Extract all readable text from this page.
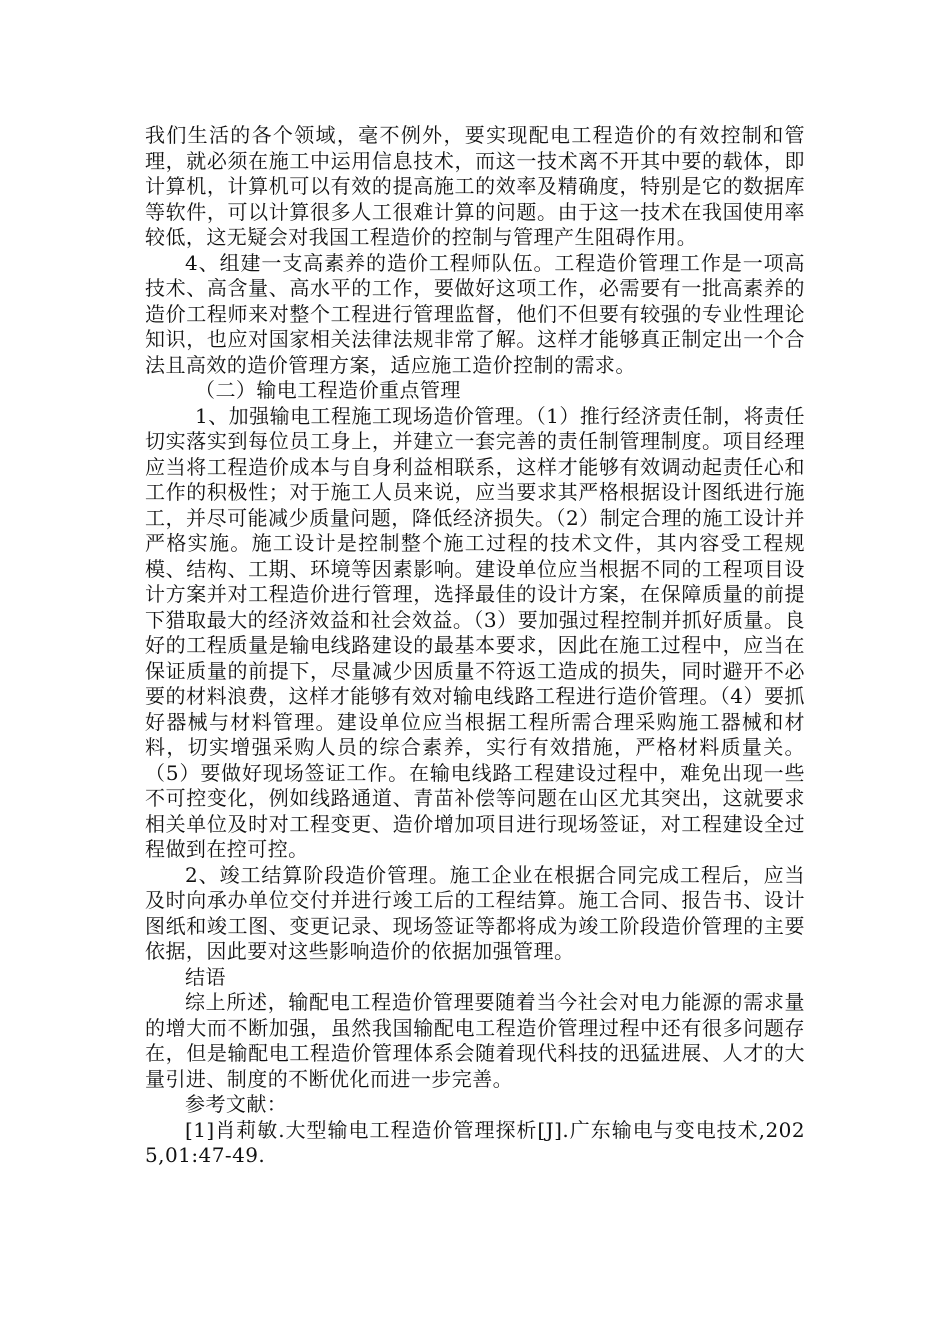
我们生活的各个领域，毫不例外，要实现配电工程造价的有效控制和管理，就必须在施工中运用信息技术，而这一技术离不开其中要的载体，即计算机，计算机可以有效的提高施工的效率及精确度，特别是它的数据库等软件，可以计算很多人工很难计算的问题。由于这一技术在我国使用率较低，这无疑会对我国工程造价的控制与管理产生阻碍作用。

4、组建一支高素养的造价工程师队伍。工程造价管理工作是一项高技术、高含量、高水平的工作，要做好这项工作，必需要有一批高素养的造价工程师来对整个工程进行管理监督，他们不但要有较强的专业性理论知识，也应对国家相关法律法规非常了解。这样才能够真正制定出一个合法且高效的造价管理方案，适应施工造价控制的需求。

（二）输电工程造价重点管理

1、加强输电工程施工现场造价管理。（1）推行经济责任制，将责任切实落实到每位员工身上，并建立一套完善的责任制管理制度。项目经理应当将工程造价成本与自身利益相联系，这样才能够有效调动起责任心和工作的积极性；对于施工人员来说，应当要求其严格根据设计图纸进行施工，并尽可能减少质量问题，降低经济损失。（2）制定合理的施工设计并严格实施。施工设计是控制整个施工过程的技术文件，其内容受工程规模、结构、工期、环境等因素影响。建设单位应当根据不同的工程项目设计方案并对工程造价进行管理，选择最佳的设计方案，在保障质量的前提下猎取最大的经济效益和社会效益。（3）要加强过程控制并抓好质量。良好的工程质量是输电线路建设的最基本要求，因此在施工过程中，应当在保证质量的前提下，尽量减少因质量不符返工造成的损失，同时避开不必要的材料浪费，这样才能够有效对输电线路工程进行造价管理。（4）要抓好器械与材料管理。建设单位应当根据工程所需合理采购施工器械和材料，切实增强采购人员的综合素养，实行有效措施，严格材料质量关。（5）要做好现场签证工作。在输电线路工程建设过程中，难免出现一些不可控变化，例如线路通道、青苗补偿等问题在山区尤其突出，这就要求相关单位及时对工程变更、造价增加项目进行现场签证，对工程建设全过程做到在控可控。

2、竣工结算阶段造价管理。施工企业在根据合同完成工程后，应当及时向承办单位交付并进行竣工后的工程结算。施工合同、报告书、设计图纸和竣工图、变更记录、现场签证等都将成为竣工阶段造价管理的主要依据，因此要对这些影响造价的依据加强管理。

结语

综上所述，输配电工程造价管理要随着当今社会对电力能源的需求量的增大而不断加强，虽然我国输配电工程造价管理过程中还有很多问题存在，但是输配电工程造价管理体系会随着现代科技的迅猛进展、人才的大量引进、制度的不断优化而进一步完善。

参考文献：

[1]肖莉敏.大型输电工程造价管理探析[J].广东输电与变电技术,2025,01:47-49.
